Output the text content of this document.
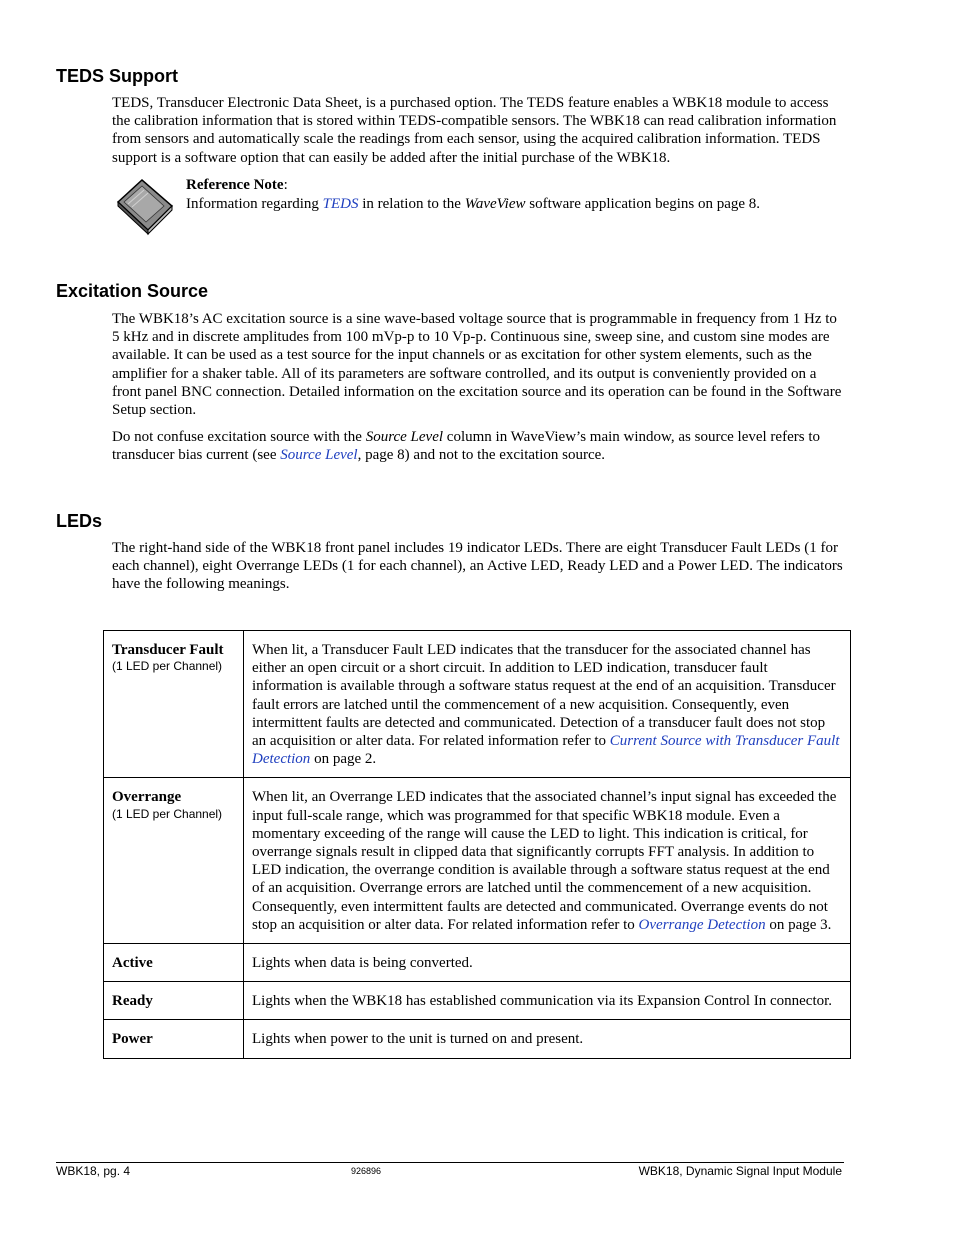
TEDS Support

TEDS, Transducer Electronic Data Sheet, is a purchased option. The TEDS feature enables a WBK18 module to access the calibration information that is stored within TEDS-compatible sensors. The WBK18 can read calibration information from sensors and automatically scale the readings from each sensor, using the acquired calibration information. TEDS support is a software option that can easily be added after the initial purchase of the WBK18.

Reference Note:
Information regarding TEDS in relation to the WaveView software application begins on page 8.
Excitation Source

The WBK18’s AC excitation source is a sine wave-based voltage source that is programmable in frequency from 1 Hz to 5 kHz and in discrete amplitudes from 100 mVp-p to 10 Vp-p. Continuous sine, sweep sine, and custom sine modes are available. It can be used as a test source for the input channels or as excitation for other system elements, such as the amplifier for a shaker table. All of its parameters are software controlled, and its output is conveniently provided on a front panel BNC connection. Detailed information on the excitation source and its operation can be found in the Software Setup section.

Do not confuse excitation source with the Source Level column in WaveView’s main window, as source level refers to transducer bias current (see Source Level, page 8) and not to the excitation source.

LEDs

The right-hand side of the WBK18 front panel includes 19 indicator LEDs. There are eight Transducer Fault LEDs (1 for each channel), eight Overrange LEDs (1 for each channel), an Active LED, Ready LED and a Power LED. The indicators have the following meanings.

Transducer Fault
(1 LED per Channel)	When lit, a Transducer Fault LED indicates that the transducer for the associated channel has either an open circuit or a short circuit. In addition to LED indication, transducer fault information is available through a software status request at the end of an acquisition. Transducer fault errors are latched until the commencement of a new acquisition. Consequently, even intermittent faults are detected and communicated. Detection of a transducer fault does not stop an acquisition or alter data. For related information refer to Current Source with Transducer Fault Detection on page 2.
Overrange
(1 LED per Channel)	When lit, an Overrange LED indicates that the associated channel’s input signal has exceeded the input full-scale range, which was programmed for that specific WBK18 module. Even a momentary exceeding of the range will cause the LED to light. This indication is critical, for overrange signals result in clipped data that significantly corrupts FFT analysis. In addition to LED indication, the overrange condition is available through a software status request at the end of an acquisition. Overrange errors are latched until the commencement of a new acquisition. Consequently, even intermittent faults are detected and communicated. Overrange events do not stop an acquisition or alter data. For related information refer to Overrange Detection on page 3.
Active	Lights when data is being converted.
Ready	Lights when the WBK18 has established communication via its Expansion Control In connector.
Power	Lights when power to the unit is turned on and present.
WBK18, pg. 4	926896	WBK18, Dynamic Signal Input Module
